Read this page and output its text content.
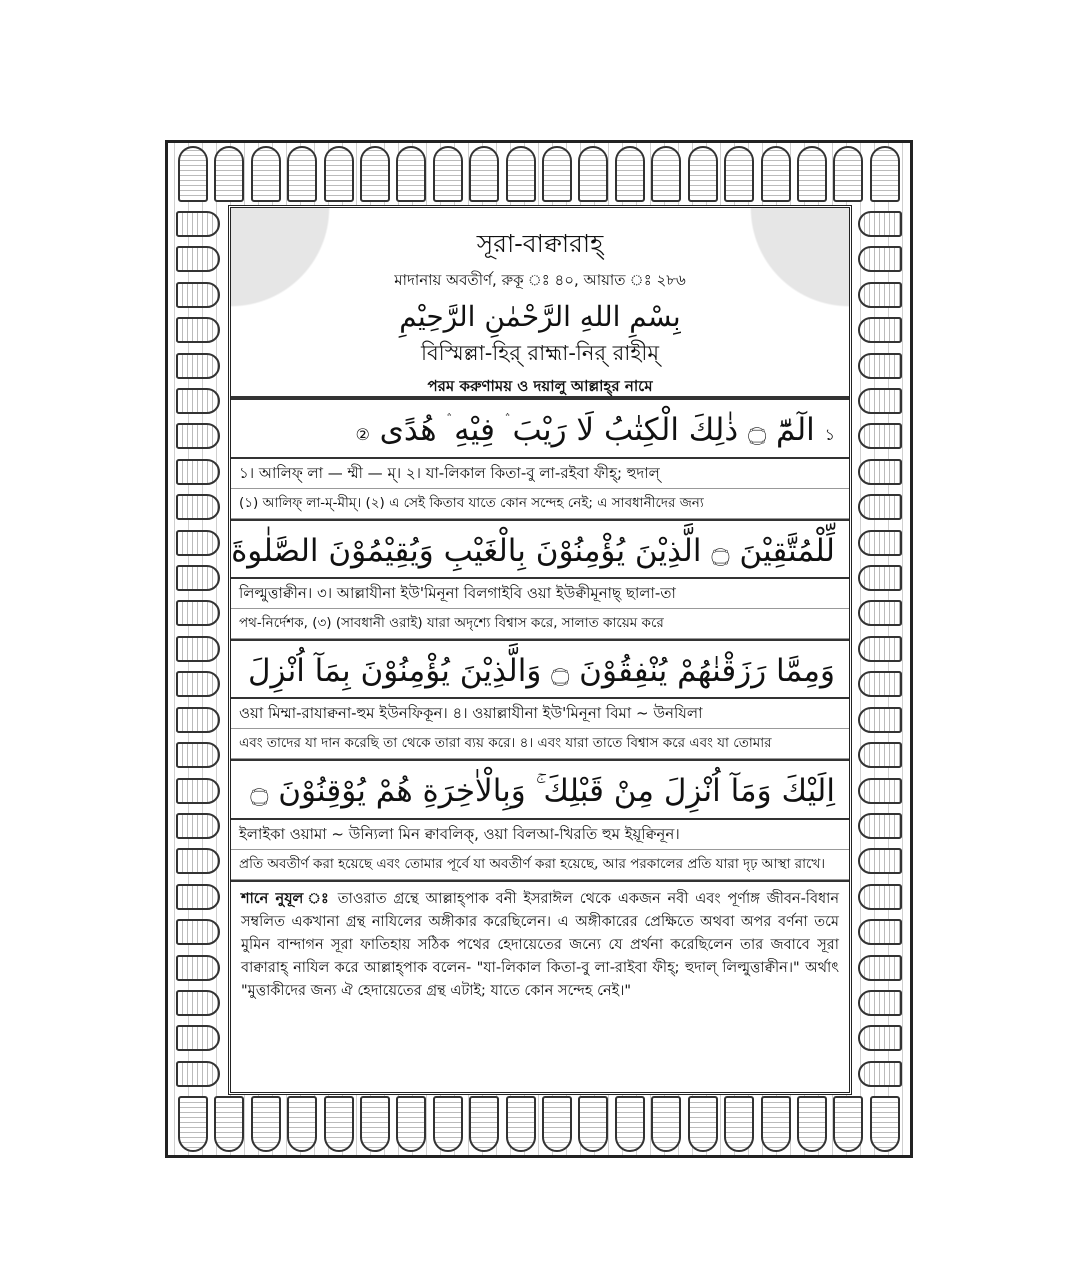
সূরা-বাক্বারাহ্
মাদানায় অবতীর্ণ, রুকূ ঃ ৪০, আয়াত ঃ ২৮৬
بِسْمِ اللهِ الرَّحْمٰنِ الرَّحِيْمِ
বিস্মিল্লা-হির্ রাহ্মা-নির্ রাহীম্
পরম করুণাময় ও দয়ালু আল্লাহ্‌র নামে
১ الٓمّٓ ۝ ذٰلِكَ الْكِتٰبُ لَا رَيْبَ ۛ فِيْهِ ۛ هُدًى ②
১। আলিফ্ লা — ম্মী — ম্। ২। যা-লিকাল কিতা-বু লা-রইবা ফীহ্; হুদাল্
(১) আলিফ্ লা-ম্-মীম্। (২) এ সেই কিতাব যাতে কোন সন্দেহ নেই; এ সাবধানীদের জন্য
لِّلْمُتَّقِيْنَ ۝ الَّذِيْنَ يُؤْمِنُوْنَ بِالْغَيْبِ وَيُقِيْمُوْنَ الصَّلٰوةَ
লিল্মুত্তাক্বীন। ৩। আল্লাযীনা ইউ'মিনূনা বিলগাইবি ওয়া ইউক্বীমূনাছ্ ছালা-তা
পথ-নির্দেশক, (৩) (সাবধানী ওরাই) যারা অদৃশ্যে বিশ্বাস করে, সালাত কায়েম করে
وَمِمَّا رَزَقْنٰهُمْ يُنْفِقُوْنَ ۝ وَالَّذِيْنَ يُؤْمِنُوْنَ بِمَآ اُنْزِلَ
ওয়া মিম্মা-রাযাক্বনা-হুম ইউনফিকূন। ৪। ওয়াল্লাযীনা ইউ'মিনূনা বিমা ~ উনযিলা
এবং তাদের যা দান করেছি তা থেকে তারা ব্যয় করে। ৪। এবং যারা তাতে বিশ্বাস করে এবং যা তোমার
اِلَيْكَ وَمَآ اُنْزِلَ مِنْ قَبْلِكَ ۚ وَبِالْاٰخِرَةِ هُمْ يُوْقِنُوْنَ ۝
ইলাইকা ওয়ামা ~ উন্যিলা মিন ক্বাবলিক্, ওয়া বিলআ-খিরতি হুম ইয়ূক্বিনূন।
প্রতি অবতীর্ণ করা হয়েছে এবং তোমার পূর্বে যা অবতীর্ণ করা হয়েছে, আর পরকালের প্রতি যারা দৃঢ় আস্থা রাখে।
শানে নুযূল ঃ তাওরাত গ্রন্থে আল্লাহ্পাক বনী ইসরাঈল থেকে একজন নবী এবং পূর্ণাঙ্গ জীবন-বিধান সম্বলিত একখানা গ্রন্থ নাযিলের অঙ্গীকার করেছিলেন। এ অঙ্গীকারের প্রেক্ষিতে অথবা অপর বর্ণনা তমে মুমিন বান্দাগন সূরা ফাতিহায় সঠিক পথের হেদায়েতের জন্যে যে প্রর্থনা করেছিলেন তার জবাবে সূরা বাক্বারাহ্ নাযিল করে আল্লাহ্পাক বলেন- "যা-লিকাল কিতা-বু লা-রাইবা ফীহ্; হুদাল্ লিল্মুত্তাক্বীন।" অর্থাৎ "মুত্তাকীদের জন্য ঐ হেদায়েতের গ্রন্থ এটাই; যাতে কোন সন্দেহ নেই।"
